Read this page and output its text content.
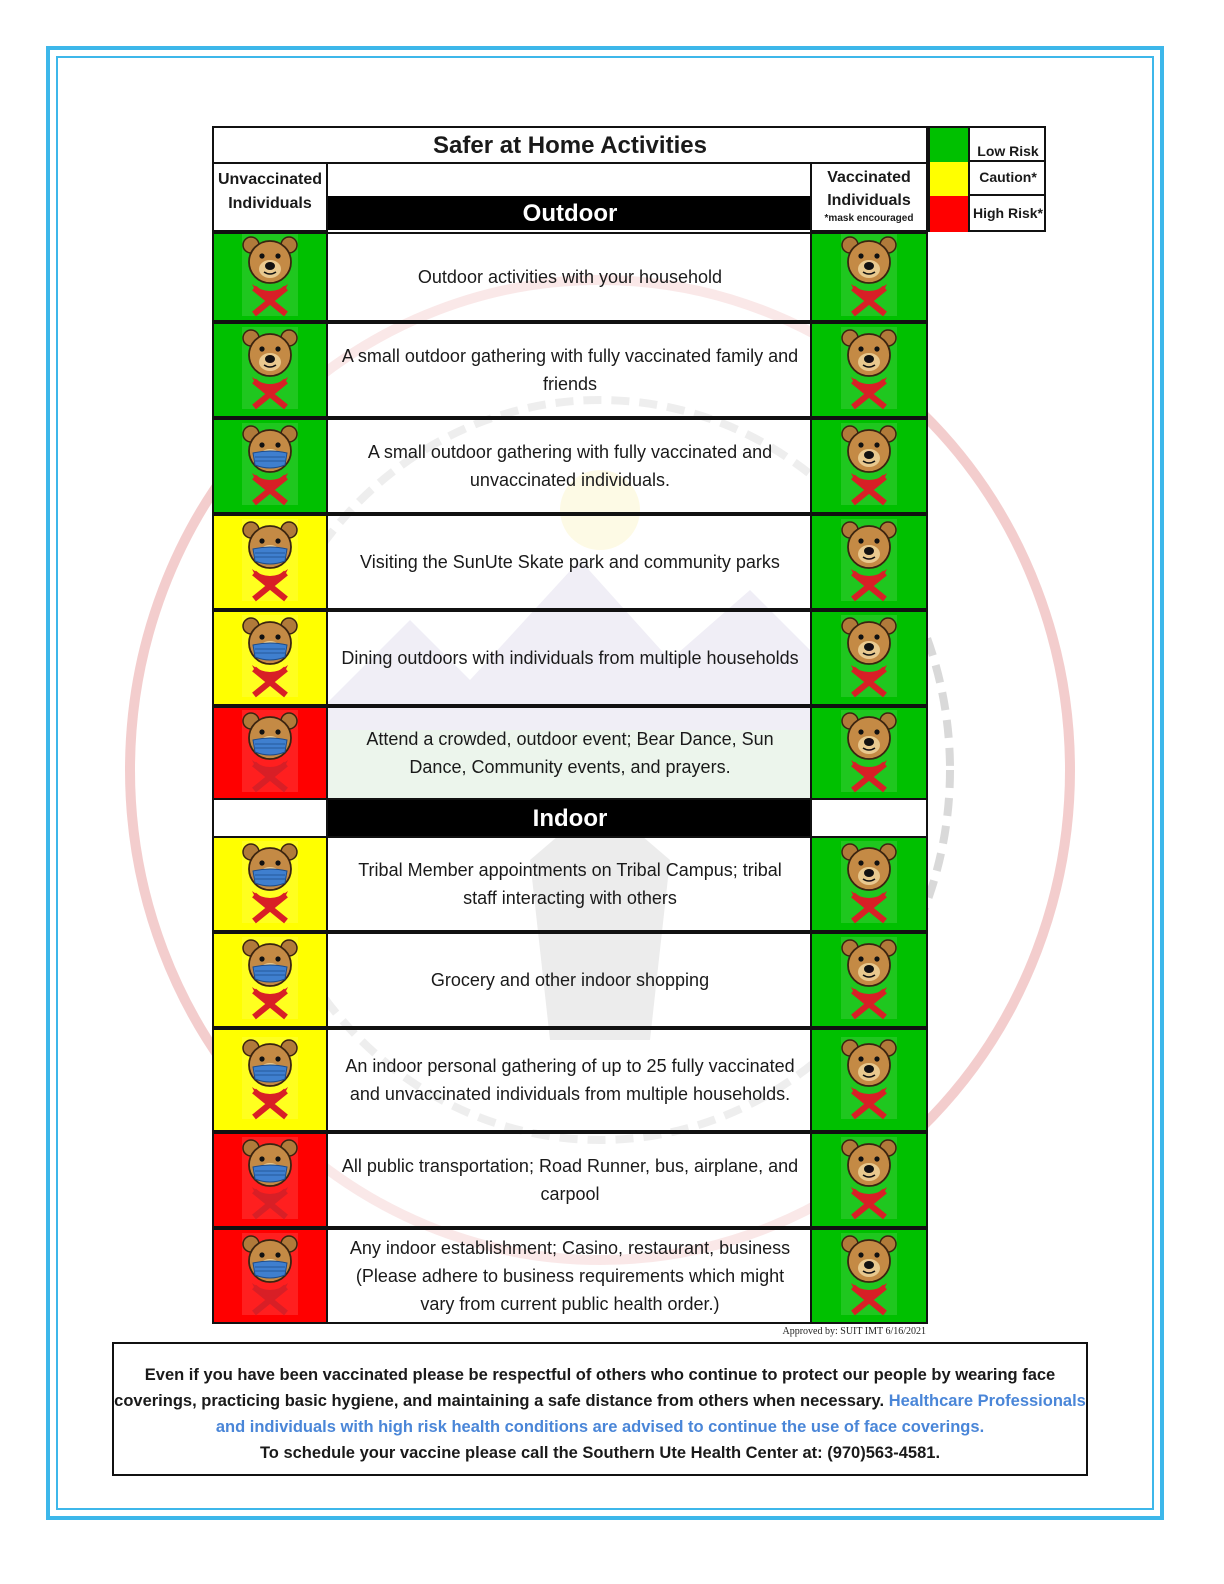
Safer at Home Activities
Unvaccinated Individuals	Outdoor
Vaccinated Individuals
*mask encouraged
Low Risk
Caution*
High Risk*
Outdoor activities with your household
A small outdoor gathering with fully vaccinated family and friends
A small outdoor gathering with fully vaccinated and unvaccinated individuals.
Visiting the SunUte Skate park and community parks
Dining outdoors with individuals from multiple households
Attend a crowded, outdoor event; Bear Dance, Sun Dance, Community events, and prayers.
Tribal Member appointments on Tribal Campus; tribal staff interacting with others
Grocery and other indoor shopping
An indoor personal gathering of up to 25 fully vaccinated and unvaccinated individuals from multiple households.
All public transportation; Road Runner, bus, airplane, and carpool
Any indoor establishment; Casino, restaurant, business (Please adhere to business requirements which might vary from current public health order.)
Indoor
Approved by: SUIT IMT 6/16/2021
Even if you have been vaccinated please be respectful of others who continue to protect our people by wearing face coverings, practicing basic hygiene, and maintaining a safe distance from others when necessary. Healthcare Professionals and individuals with high risk health conditions are advised to continue the use of face coverings.
To schedule your vaccine please call the Southern Ute Health Center at: (970)563-4581.
